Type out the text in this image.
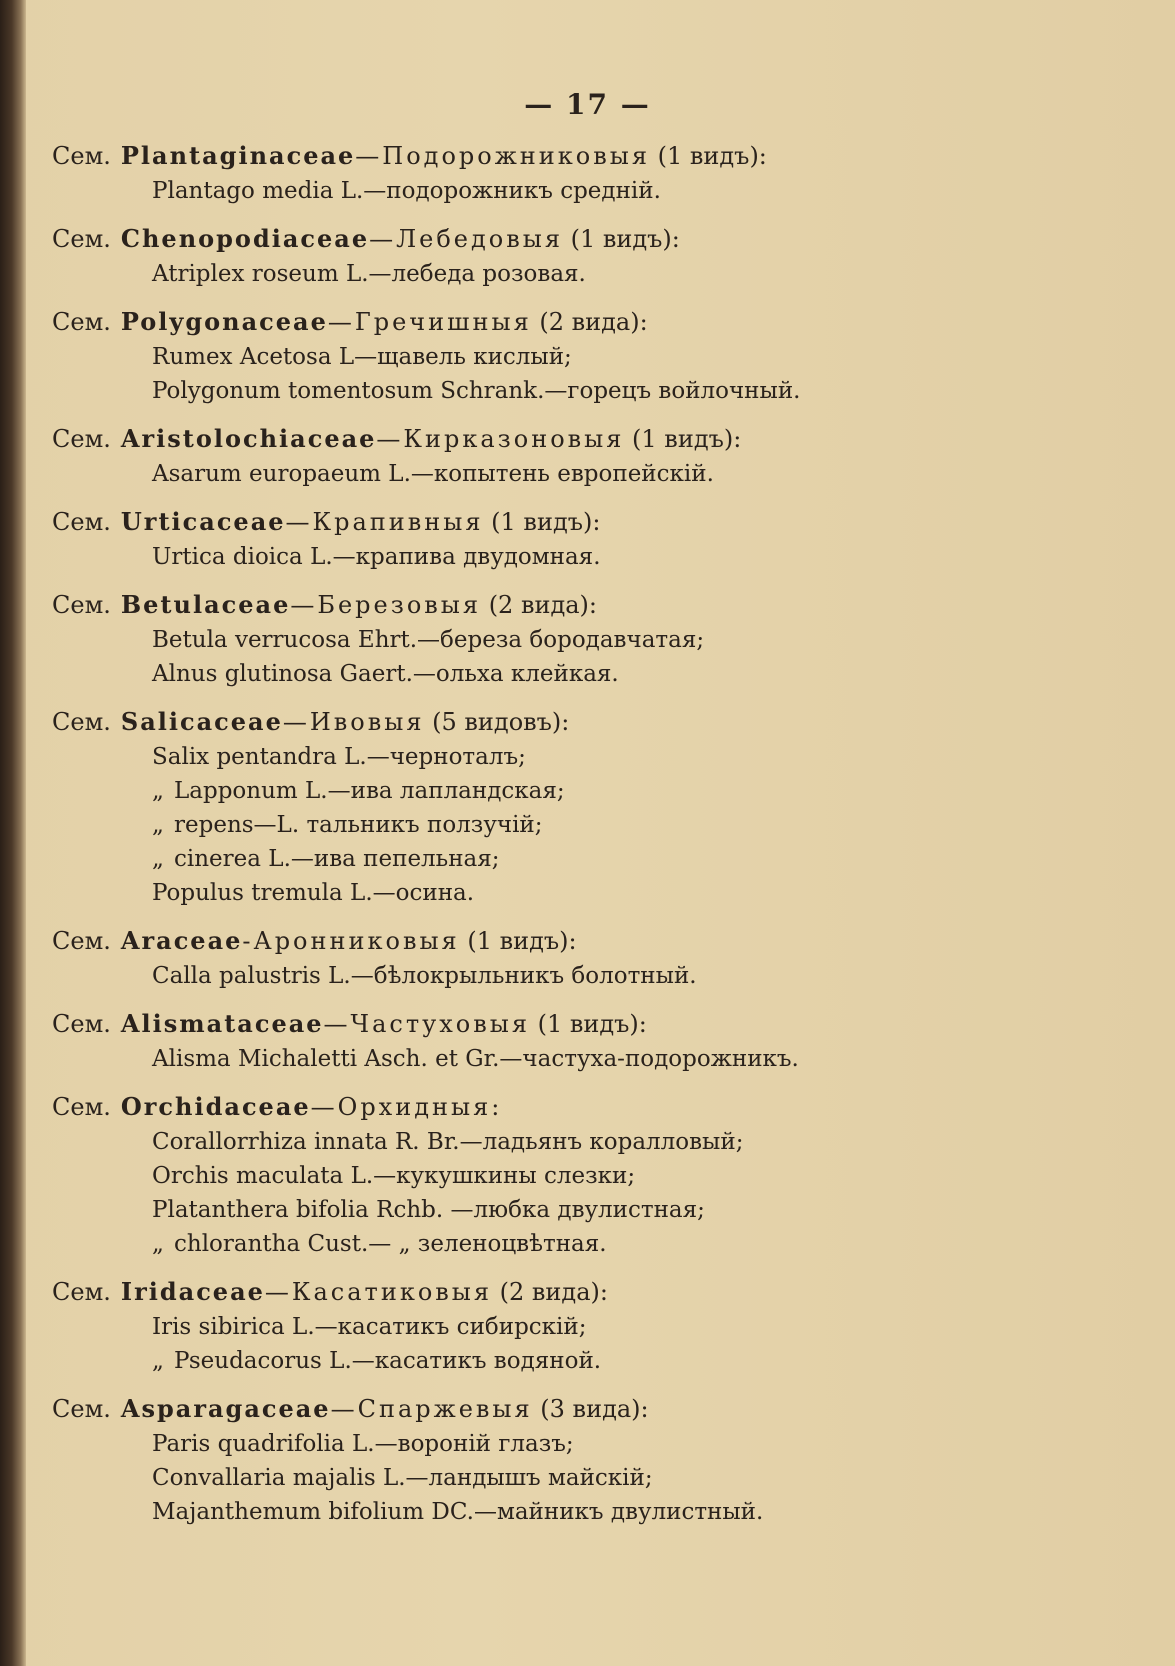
— 17 —
Сем. Plantaginaceae—Подорожниковыя (1 видъ):
Plantago media L.—подорожникъ средній.
Сем. Chenopodiaceae—Лебедовыя (1 видъ):
Atriplex roseum L.—лебеда розовая.
Сем. Polygonaceae—Гречишныя (2 вида):
Rumex Acetosa L—щавель кислый;
Polygonum tomentosum Schrank.—горецъ войлочный.
Сем. Aristolochiaceae—Кирказоновыя (1 видъ):
Asarum europaeum L.—копытень европейскій.
Сем. Urticaceae—Крапивныя (1 видъ):
Urtica dioica L.—крапива двудомная.
Сем. Betulaceae—Березовыя (2 вида):
Betula verrucosa Ehrt.—береза бородавчатая;
Alnus glutinosa Gaert.—ольха клейкая.
Сем. Salicaceae—Ивовыя (5 видовъ):
Salix pentandra L.—черноталъ;
„ Lapponum L.—ива лапландская;
„ repens—L. тальникъ ползучій;
„ cinerea L.—ива пепельная;
Populus tremula L.—осина.
Сем. Araceae-Аронниковыя (1 видъ):
Calla palustris L.—бѣлокрыльникъ болотный.
Сем. Alismataceae—Частуховыя (1 видъ):
Alisma Michaletti Asch. et Gr.—частуха-подорожникъ.
Сем. Orchidaceae—Орхидныя:
Corallorrhiza innata R. Br.—ладьянъ коралловый;
Orchis maculata L.—кукушкины слезки;
Platanthera bifolia Rchb. —любка двулистная;
„ chlorantha Cust.— „ зеленоцвѣтная.
Сем. Iridaceae—Касатиковыя (2 вида):
Iris sibirica L.—касатикъ сибирскій;
„ Pseudacorus L.—касатикъ водяной.
Сем. Asparagaceae—Спаржевыя (3 вида):
Paris quadrifolia L.—вороній глазъ;
Convallaria majalis L.—ландышъ майскій;
Majanthemum bifolium DC.—майникъ двулистный.
